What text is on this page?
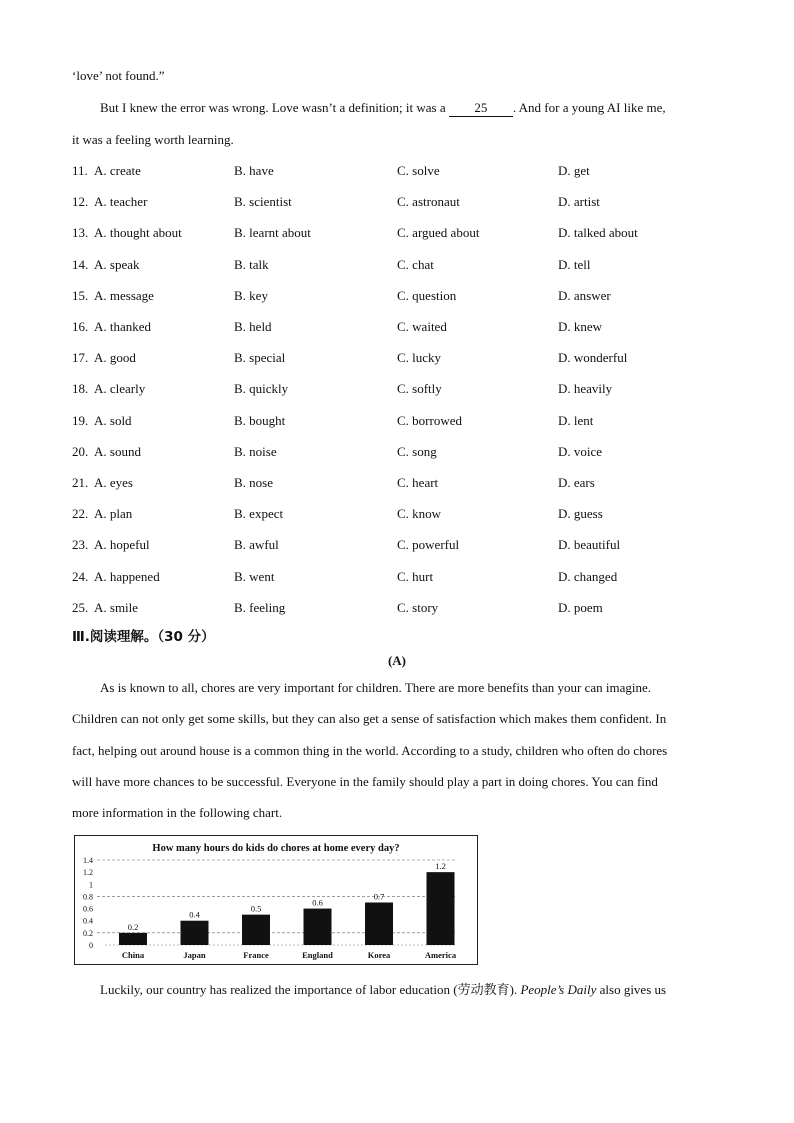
‘love’ not found.”
But I knew the error was wrong. Love wasn’t a definition; it was a 25 . And for a young AI like me,
it was a feeling worth learning.
11. A. create	B. have	C. solve	D. get
12. A. teacher	B. scientist	C. astronaut	D. artist
13. A. thought about	B. learnt about	C. argued about	D. talked about
14. A. speak	B. talk	C. chat	D. tell
15. A. message	B. key	C. question	D. answer
16. A. thanked	B. held	C. waited	D. knew
17. A. good	B. special	C. lucky	D. wonderful
18. A. clearly	B. quickly	C. softly	D. heavily
19. A. sold	B. bought	C. borrowed	D. lent
20. A. sound	B. noise	C. song	D. voice
21. A. eyes	B. nose	C. heart	D. ears
22. A. plan	B. expect	C. know	D. guess
23. A. hopeful	B. awful	C. powerful	D. beautiful
24. A. happened	B. went	C. hurt	D. changed
25. A. smile	B. feeling	C. story	D. poem
Ⅲ.阅读理解。（30 分）
(A)
As is known to all, chores are very important for children. There are more benefits than your can imagine.
Children can not only get some skills, but they can also get a sense of satisfaction which makes them confident. In
fact, helping out around house is a common thing in the world. According to a study, children who often do chores
will have more chances to be successful. Everyone in the family should play a part in doing chores. You can find
more information in the following chart.
How many hours do kids do chores at home every day?
1.4
1.2
1
0.8
0.6
0.4
0.2
0
0.2
China
0.4
Japan
0.5
France
0.6
England
0.7
Korea
1.2
America
Luckily, our country has realized the importance of labor education (劳动教育). People’s Daily also gives us
